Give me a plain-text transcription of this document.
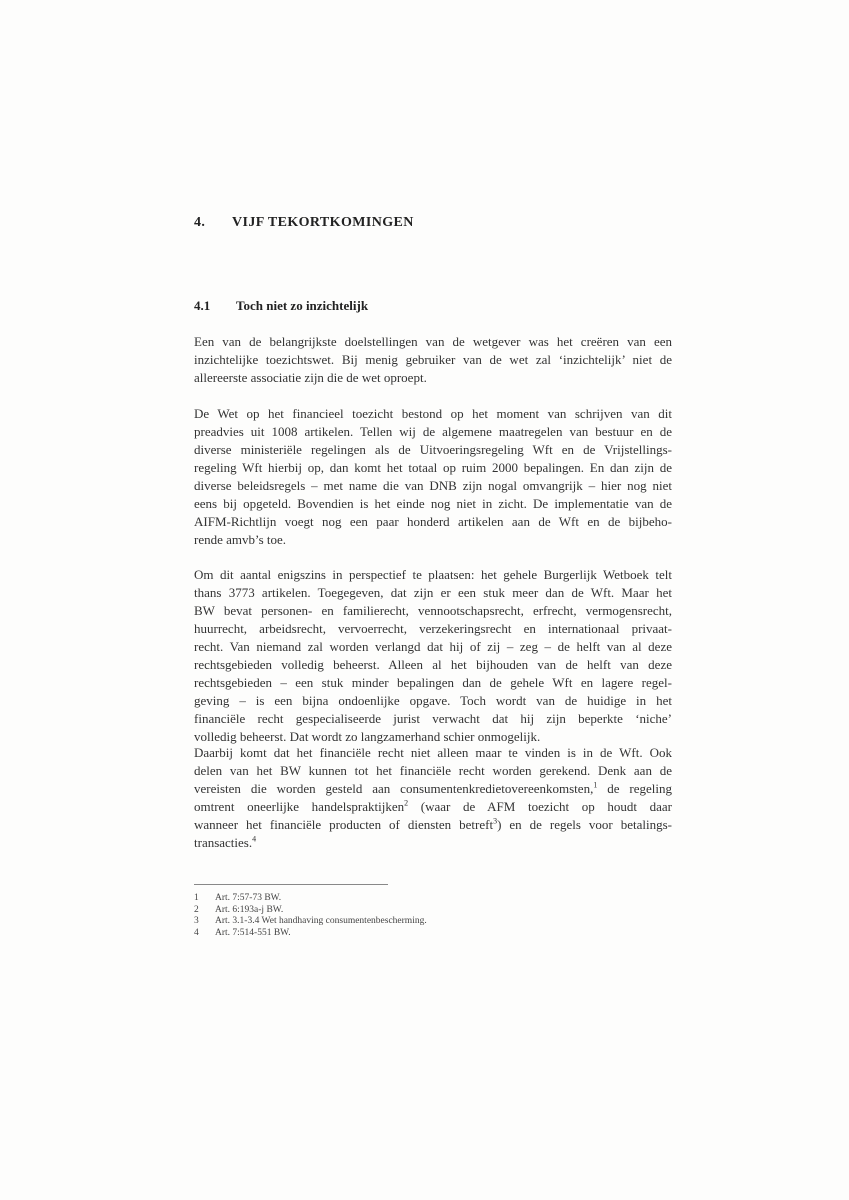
4. VIJF TEKORTKOMINGEN
4.1 Toch niet zo inzichtelijk
Een van de belangrijkste doelstellingen van de wetgever was het creëren van een
inzichtelijke toezichtswet. Bij menig gebruiker van de wet zal ‘inzichtelijk’ niet de
allereerste associatie zijn die de wet oproept.
De Wet op het financieel toezicht bestond op het moment van schrijven van dit
preadvies uit 1008 artikelen. Tellen wij de algemene maatregelen van bestuur en de
diverse ministeriële regelingen als de Uitvoeringsregeling Wft en de Vrijstellings-
regeling Wft hierbij op, dan komt het totaal op ruim 2000 bepalingen. En dan zijn de
diverse beleidsregels – met name die van DNB zijn nogal omvangrijk – hier nog niet
eens bij opgeteld. Bovendien is het einde nog niet in zicht. De implementatie van de
AIFM-Richtlijn voegt nog een paar honderd artikelen aan de Wft en de bijbeho-
rende amvb’s toe.
Om dit aantal enigszins in perspectief te plaatsen: het gehele Burgerlijk Wetboek telt
thans 3773 artikelen. Toegegeven, dat zijn er een stuk meer dan de Wft. Maar het
BW bevat personen- en familierecht, vennootschapsrecht, erfrecht, vermogensrecht,
huurrecht, arbeidsrecht, vervoerrecht, verzekeringsrecht en internationaal privaat-
recht. Van niemand zal worden verlangd dat hij of zij – zeg – de helft van al deze
rechtsgebieden volledig beheerst. Alleen al het bijhouden van de helft van deze
rechtsgebieden – een stuk minder bepalingen dan de gehele Wft en lagere regel-
geving – is een bijna ondoenlijke opgave. Toch wordt van de huidige in het
financiële recht gespecialiseerde jurist verwacht dat hij zijn beperkte ‘niche’
volledig beheerst. Dat wordt zo langzamerhand schier onmogelijk.
Daarbij komt dat het financiële recht niet alleen maar te vinden is in de Wft. Ook
delen van het BW kunnen tot het financiële recht worden gerekend. Denk aan de
vereisten die worden gesteld aan consumentenkredietovereenkomsten,$^1$ de regeling
omtrent oneerlijke handelspraktijken$^2$ (waar de AFM toezicht op houdt daar
wanneer het financiële producten of diensten betreft$^3$) en de regels voor betalings-
transacties.$^4$
1 Art. 7:57-73 BW.
2 Art. 6:193a-j BW.
3 Art. 3.1-3.4 Wet handhaving consumentenbescherming.
4 Art. 7:514-551 BW.
